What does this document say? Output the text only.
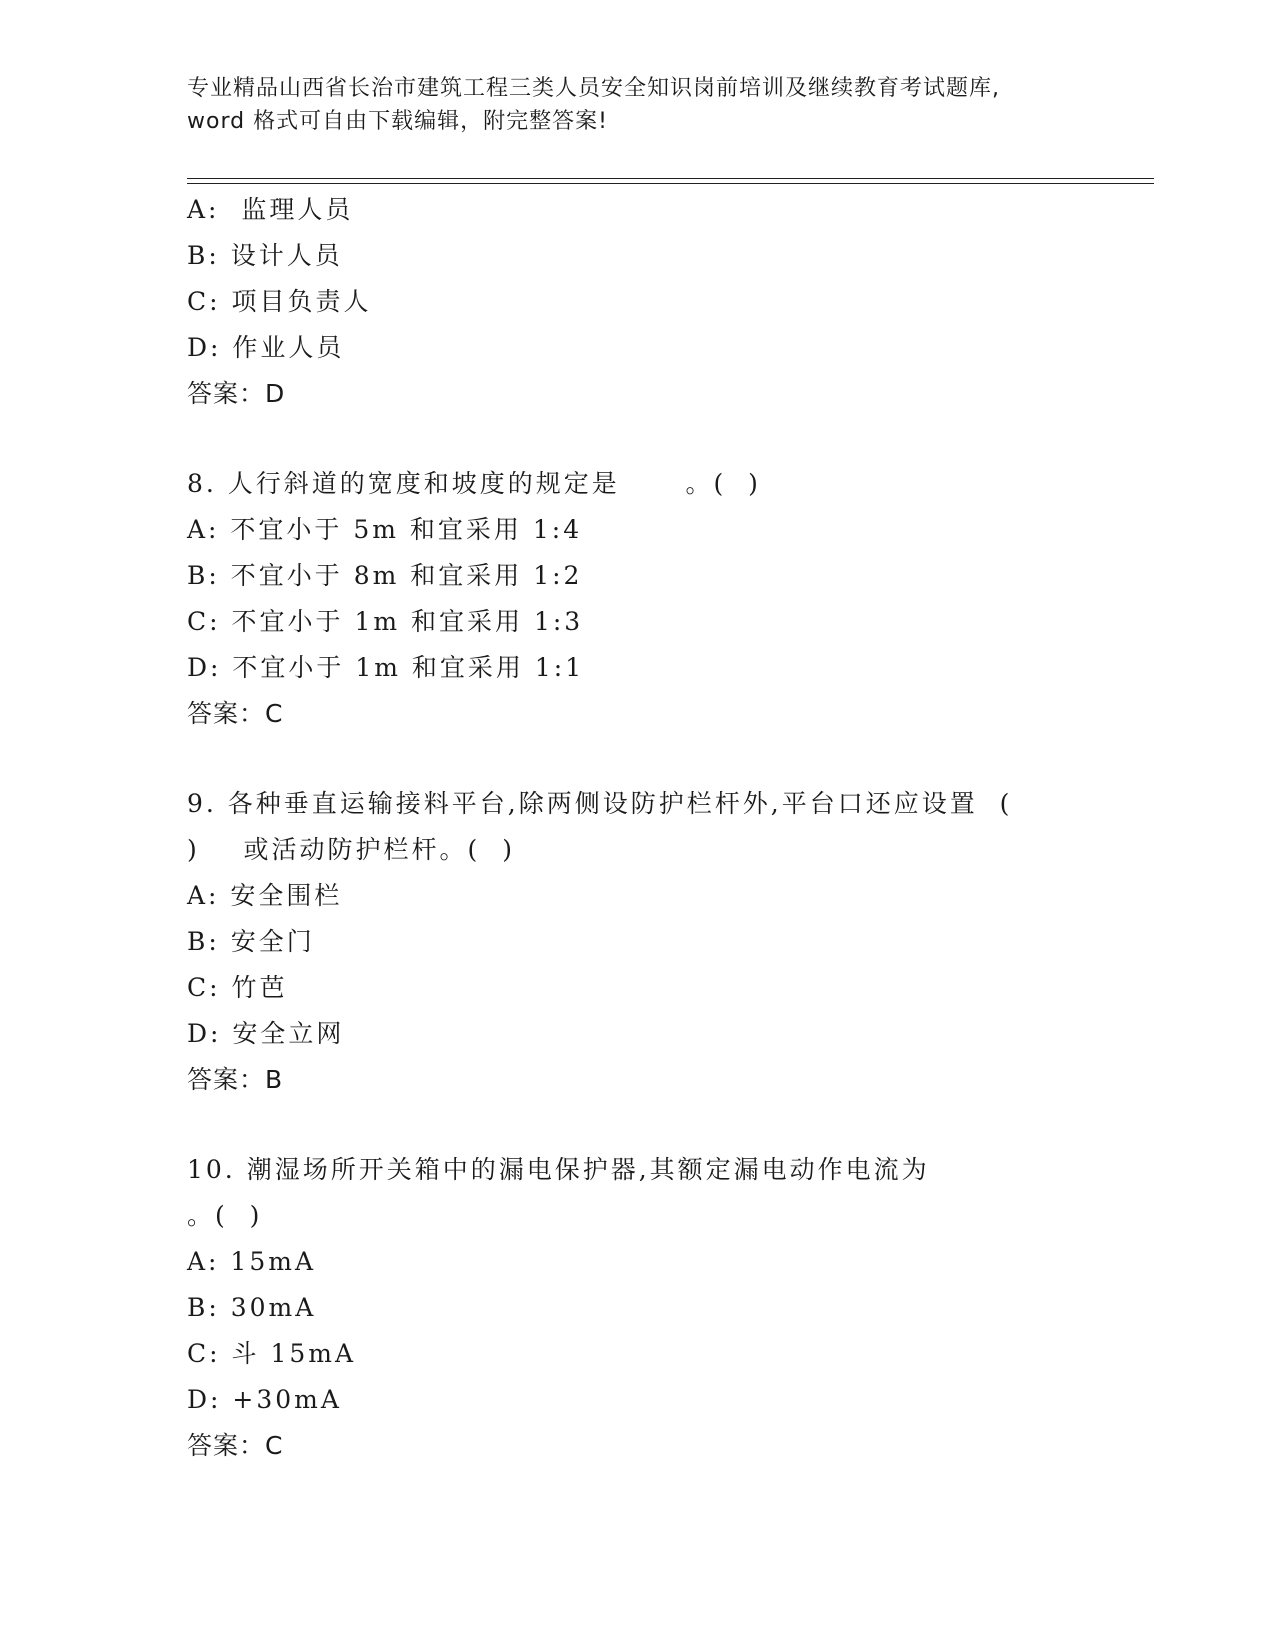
专业精品山西省长治市建筑工程三类人员安全知识岗前培训及继续教育考试题库,
word 格式可自由下载编辑，附完整答案!
A:  监理人员
B: 设计人员
C: 项目负责人
D: 作业人员
答案：D
8. 人行斜道的宽度和坡度的规定是      。(  )
A: 不宜小于 5m 和宜采用 1:4
B: 不宜小于 8m 和宜采用 1:2
C: 不宜小于 1m 和宜采用 1:3
D: 不宜小于 1m 和宜采用 1:1
答案：C
9. 各种垂直运输接料平台,除两侧设防护栏杆外,平台口还应设置  (
)    或活动防护栏杆。(  )
A: 安全围栏
B: 安全门
C: 竹芭
D: 安全立网
答案：B
10. 潮湿场所开关箱中的漏电保护器,其额定漏电动作电流为
。(  )
A: 15mA
B: 30mA
C: 斗 15mA
D: +30mA
答案：C
